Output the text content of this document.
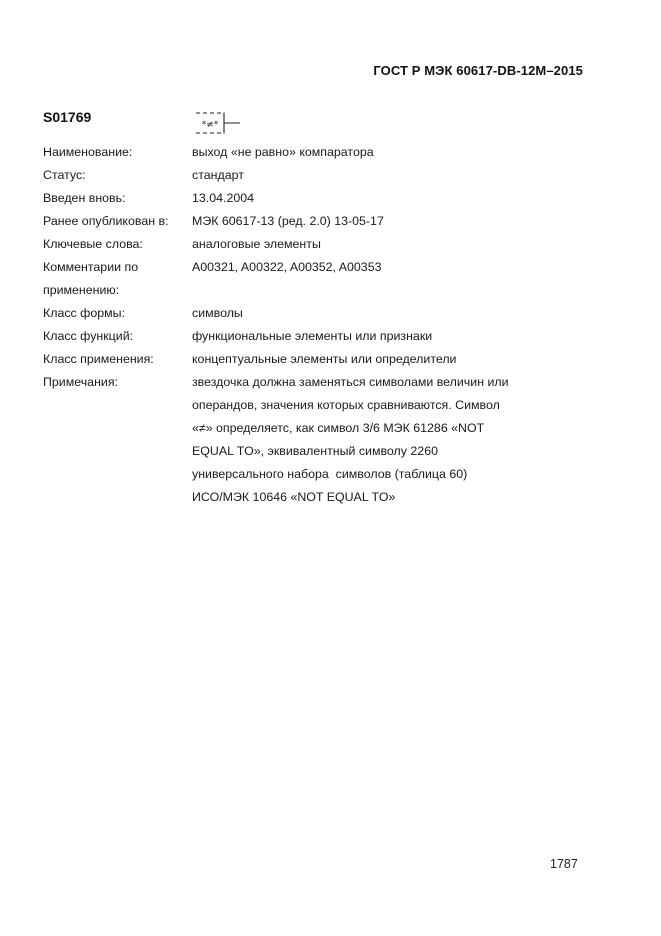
ГОСТ Р МЭК 60617-DB-12M–2015
S01769	*≠*
Наименование:	выход «не равно» компаратора
Статус:	стандарт
Введен вновь:	13.04.2004
Ранее опубликован в:	МЭК 60617-13 (ред. 2.0) 13-05-17
Ключевые слова:	аналоговые элементы
Комментарии по
применению:
A00321, A00322, A00352, A00353
Класс формы:	символы
Класс функций:	функциональные элементы или признаки
Класс применения:	концептуальные элементы или определители
Примечания:	звездочка должна заменяться символами величин или
операндов, значения которых сравниваются. Символ
«≠» определяетс, как символ 3/6 МЭК 61286 «NOT
EQUAL TO», эквивалентный символу 2260
универсального набора  символов (таблица 60)
ИСО/МЭК 10646 «NOT EQUAL TO»
1787
